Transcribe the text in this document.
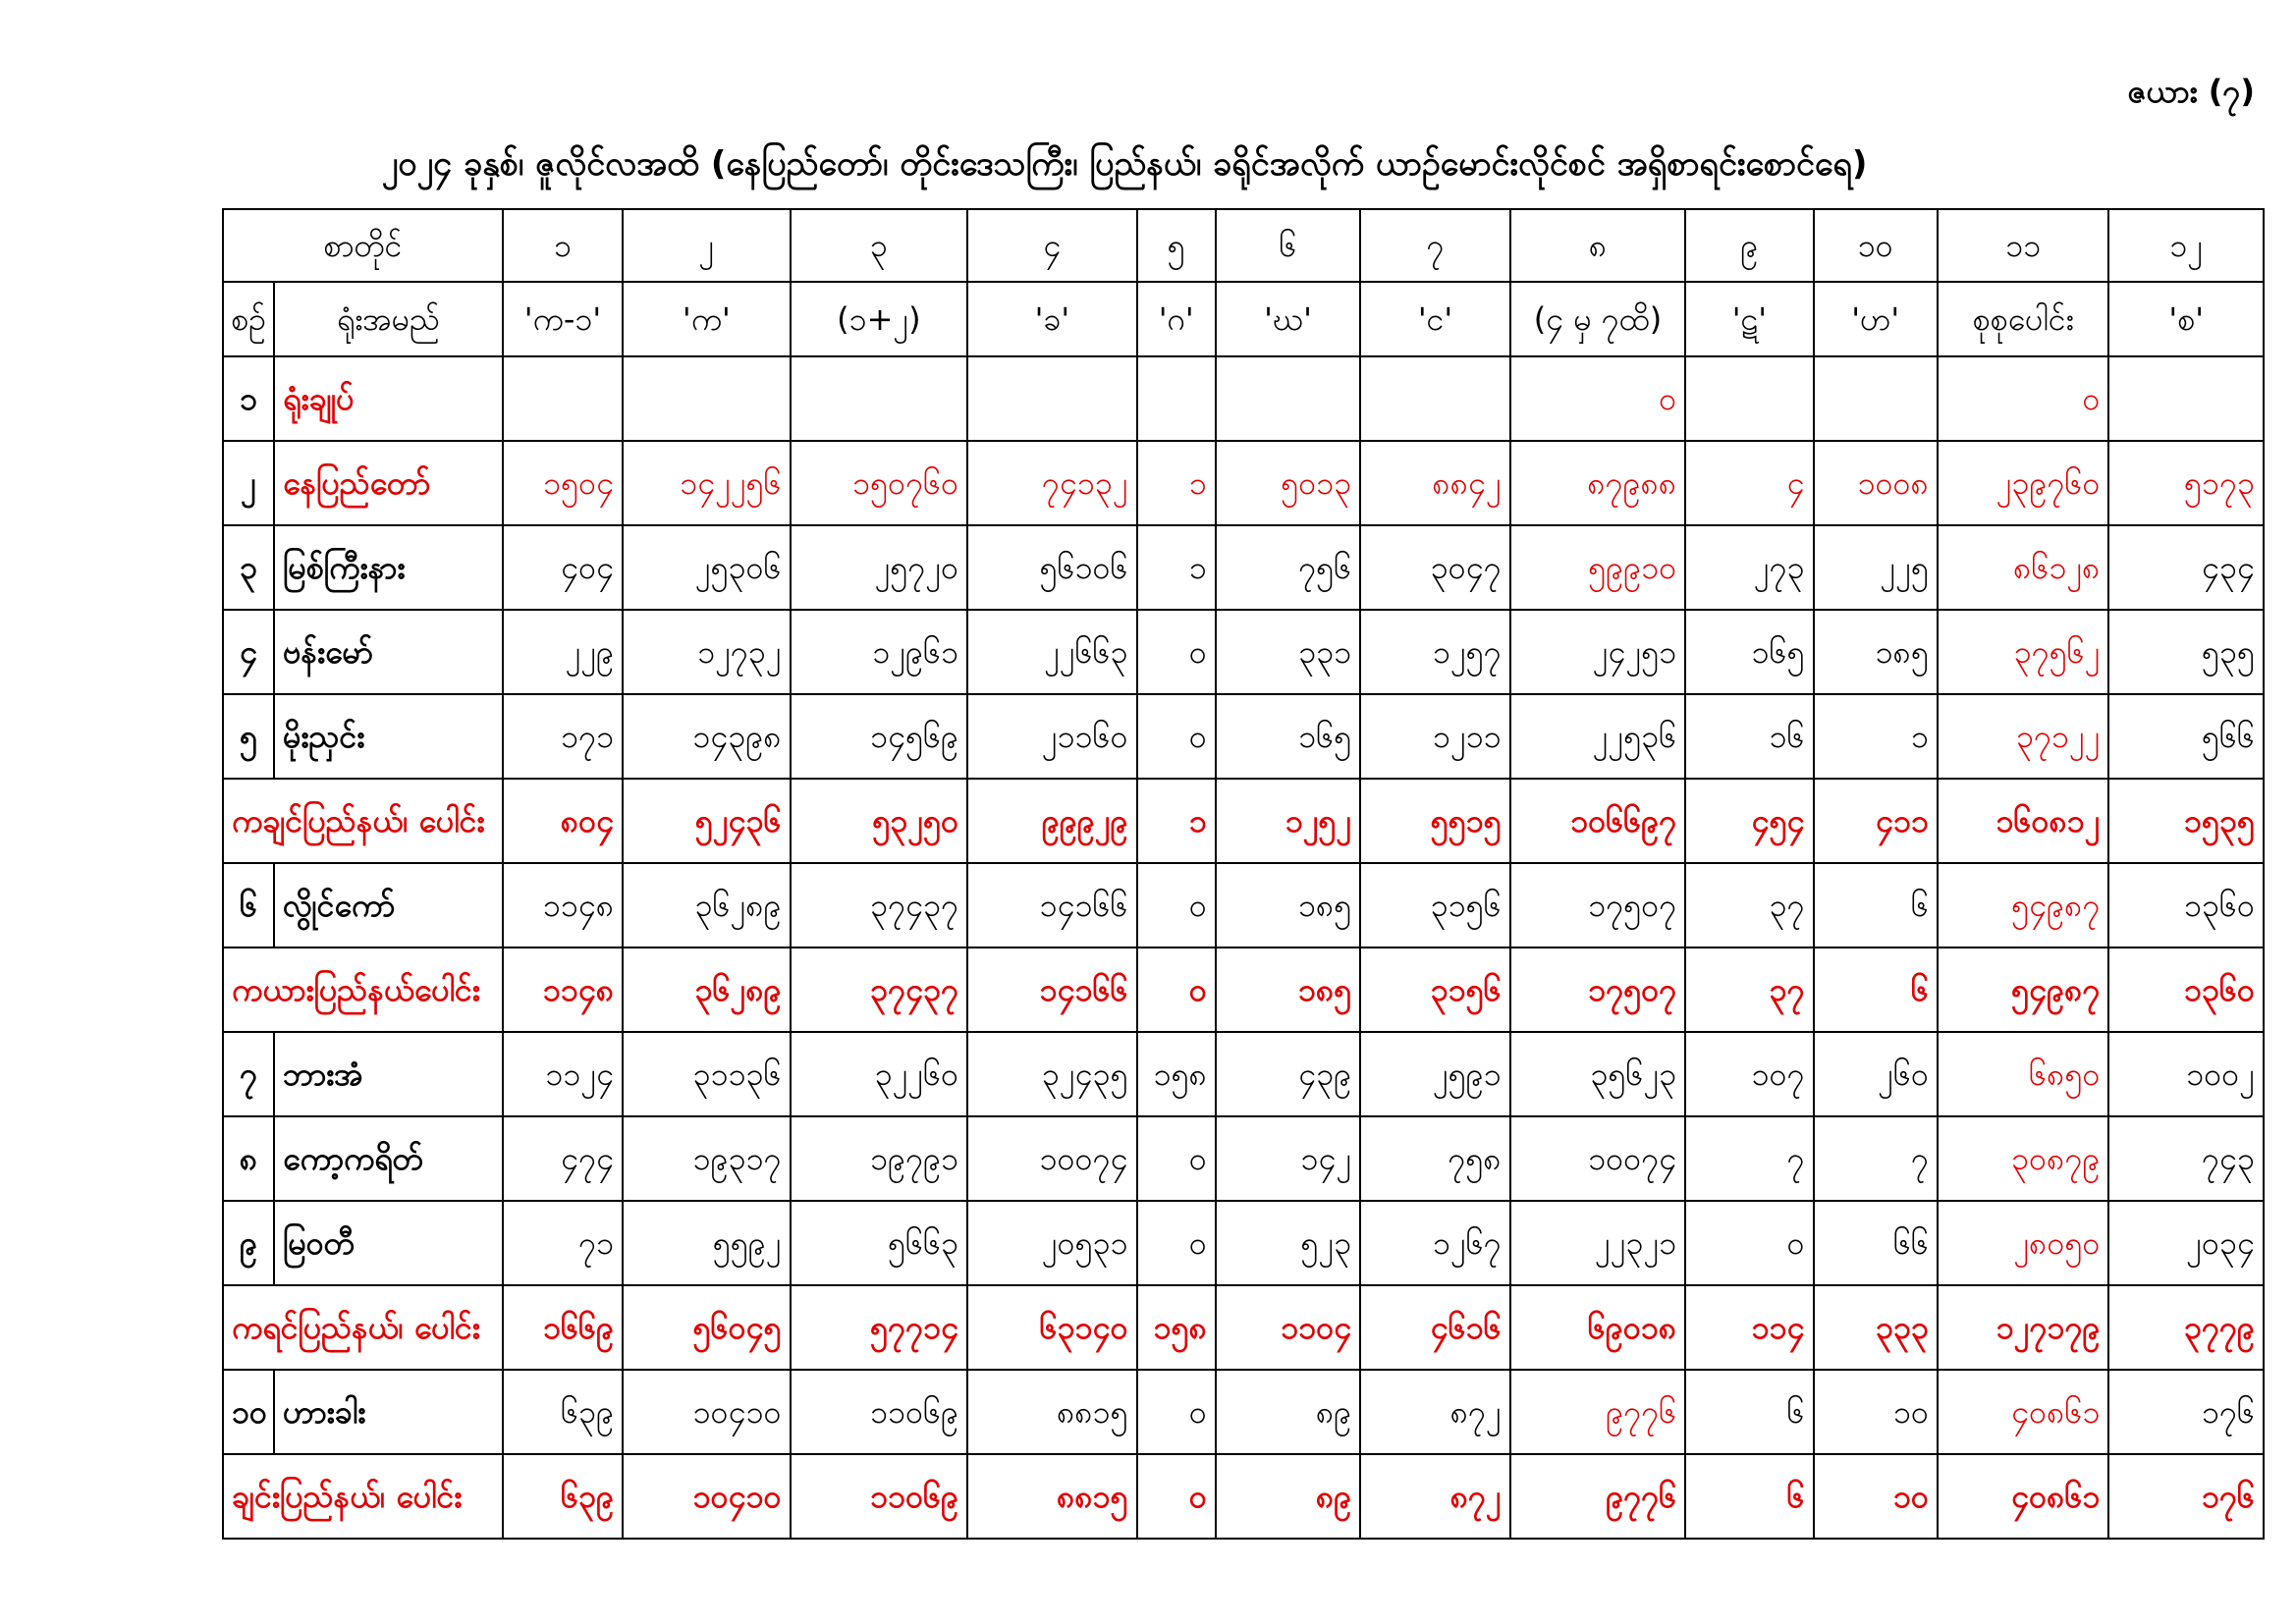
ဇယား (၇)
၂၀၂၄ ခုနှစ်၊ ဇူလိုင်လအထိ (နေပြည်တော်၊ တိုင်းဒေသကြီး၊ ပြည်နယ်၊ ခရိုင်အလိုက် ယာဉ်မောင်းလိုင်စင် အရှိစာရင်းစောင်ရေ)
စာတိုင်		၁	၂	၃	၄	၅	၆	၇	၈	၉	၁၀	၁၁	၁၂
စဉ်	ရုံးအမည်	'က-၁'	'က'	(၁+၂)	'ခ'	'ဂ'	'ဃ'	'င'	(၄ မှ ၇ထိ)	'ဋ'	'ဟ'	စုစုပေါင်း	'စ'
၁	ရုံးချုပ်								၀			၀	
၂	နေပြည်တော်	၁၅၀၄	၁၄၂၂၅၆	၁၅၀၇၆၀	၇၄၁၃၂	၁	၅၀၁၃	၈၈၄၂	၈၇၉၈၈	၄	၁၀၀၈	၂၃၉၇၆၀	၅၁၇၃
၃	မြစ်ကြီးနား	၄၀၄	၂၅၃၀၆	၂၅၇၂၀	၅၆၁၀၆	၁	၇၅၆	၃၀၄၇	၅၉၉၁၀	၂၇၃	၂၂၅	၈၆၁၂၈	၄၃၄
၄	ဗန်းမော်	၂၂၉	၁၂၇၃၂	၁၂၉၆၁	၂၂၆၆၃	၀	၃၃၁	၁၂၅၇	၂၄၂၅၁	၁၆၅	၁၈၅	၃၇၅၆၂	၅၃၅
၅	မိုးညှင်း	၁၇၁	၁၄၃၉၈	၁၄၅၆၉	၂၁၁၆၀	၀	၁၆၅	၁၂၁၁	၂၂၅၃၆	၁၆	၁	၃၇၁၂၂	၅၆၆
ကချင်ပြည်နယ်၊ ပေါင်း		၈၀၄	၅၂၄၃၆	၅၃၂၅၀	၉၉၉၂၉	၁	၁၂၅၂	၅၅၁၅	၁၀၆၆၉၇	၄၅၄	၄၁၁	၁၆၀၈၁၂	၁၅၃၅
၆	လွိုင်ကော်	၁၁၄၈	၃၆၂၈၉	၃၇၄၃၇	၁၄၁၆၆	၀	၁၈၅	၃၁၅၆	၁၇၅၀၇	၃၇	၆	၅၄၉၈၇	၁၃၆၀
ကယားပြည်နယ်ပေါင်း		၁၁၄၈	၃၆၂၈၉	၃၇၄၃၇	၁၄၁၆၆	၀	၁၈၅	၃၁၅၆	၁၇၅၀၇	၃၇	၆	၅၄၉၈၇	၁၃၆၀
၇	ဘားအံ	၁၁၂၄	၃၁၁၃၆	၃၂၂၆၀	၃၂၄၃၅	၁၅၈	၄၃၉	၂၅၉၁	၃၅၆၂၃	၁၀၇	၂၆၀	၆၈၅၀	၁၀၀၂
၈	ကော့ကရိတ်	၄၇၄	၁၉၃၁၇	၁၉၇၉၁	၁၀၀၇၄	၀	၁၄၂	၇၅၈	၁၀၀၇၄	၇	၇	၃၀၈၇၉	၇၄၃
၉	မြဝတီ	၇၁	၅၅၉၂	၅၆၆၃	၂၀၅၃၁	၀	၅၂၃	၁၂၆၇	၂၂၃၂၁	၀	၆၆	၂၈၀၅၀	၂၀၃၄
ကရင်ပြည်နယ်၊ ပေါင်း		၁၆၆၉	၅၆၀၄၅	၅၇၇၁၄	၆၃၁၄၀	၁၅၈	၁၁၀၄	၄၆၁၆	၆၉၀၁၈	၁၁၄	၃၃၃	၁၂၇၁၇၉	၃၇၇၉
၁၀	ဟားခါး	၆၃၉	၁၀၄၁၀	၁၁၀၆၉	၈၈၁၅	၀	၈၉	၈၇၂	၉၇၇၆	၆	၁၀	၄၀၈၆၁	၁၇၆
ချင်းပြည်နယ်၊ ပေါင်း		၆၃၉	၁၀၄၁၀	၁၁၀၆၉	၈၈၁၅	၀	၈၉	၈၇၂	၉၇၇၆	၆	၁၀	၄၀၈၆၁	၁၇၆
